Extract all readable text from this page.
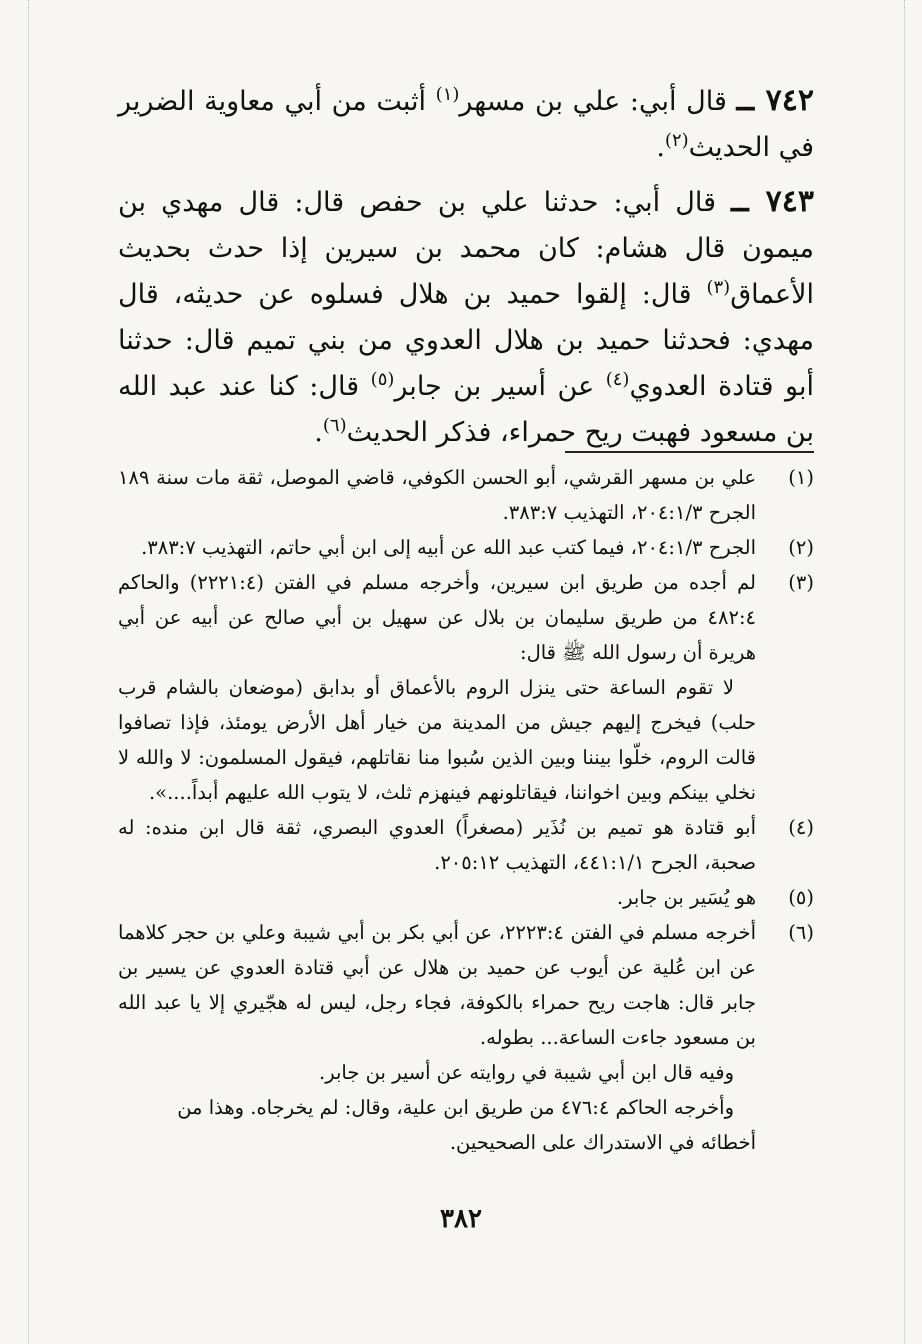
٧٤٢ ــ قال أبي: علي بن مسهر$^{(١)}$ أثبت من أبي معاوية الضرير في الحديث$^{(٢)}$.

٧٤٣ ــ قال أبي: حدثنا علي بن حفص قال: قال مهدي بن ميمون قال هشام: كان محمد بن سيرين إذا حدث بحديث الأعماق$^{(٣)}$ قال: إلقوا حميد بن هلال فسلوه عن حديثه، قال مهدي: فحدثنا حميد بن هلال العدوي من بني تميم قال: حدثنا أبو قتادة العدوي$^{(٤)}$ عن أسير بن جابر$^{(٥)}$ قال: كنا عند عبد الله بن مسعود فهبت ريح حمراء، فذكر الحديث$^{(٦)}$.

(١)
علي بن مسهر القرشي، أبو الحسن الكوفي، قاضي الموصل، ثقة مات سنة ١٨٩ الجرح ٢٠٤:١/٣، التهذيب ٣٨٣:٧.
(٢)
الجرح ٢٠٤:١/٣، فيما كتب عبد الله عن أبيه إلى ابن أبي حاتم، التهذيب ٣٨٣:٧.
(٣)
لم أجده من طريق ابن سيرين، وأخرجه مسلم في الفتن (٢٢٢١:٤) والحاكم ٤٨٢:٤ من طريق سليمان بن بلال عن سهيل بن أبي صالح عن أبيه عن أبي هريرة أن رسول الله ﷺ قال:
لا تقوم الساعة حتى ينزل الروم بالأعماق أو بدابق (موضعان بالشام قرب حلب) فيخرج إليهم جيش من المدينة من خيار أهل الأرض يومئذ، فإذا تصافوا قالت الروم، خلّوا بيننا وبين الذين سُبوا منا نقاتلهم، فيقول المسلمون: لا والله لا نخلي بينكم وبين اخواننا، فيقاتلونهم فينهزم ثلث، لا يتوب الله عليهم أبداً....».
(٤)
أبو قتادة هو تميم بن نُذَير (مصغراً) العدوي البصري، ثقة قال ابن منده: له صحبة، الجرح ٤٤١:١/١، التهذيب ٢٠٥:١٢.
(٥)
هو يُسَير بن جابر.
(٦)
أخرجه مسلم في الفتن ٢٢٢٣:٤، عن أبي بكر بن أبي شيبة وعلي بن حجر كلاهما عن ابن عُلية عن أيوب عن حميد بن هلال عن أبي قتادة العدوي عن يسير بن جابر قال: هاجت ريح حمراء بالكوفة، فجاء رجل، ليس له هجّيري إلا يا عبد الله بن مسعود جاءت الساعة... بطوله.
وفيه قال ابن أبي شيبة في روايته عن أسير بن جابر.
وأخرجه الحاكم ٤٧٦:٤ من طريق ابن علية، وقال: لم يخرجاه. وهذا من أخطائه في الاستدراك على الصحيحين.
٣٨٢
